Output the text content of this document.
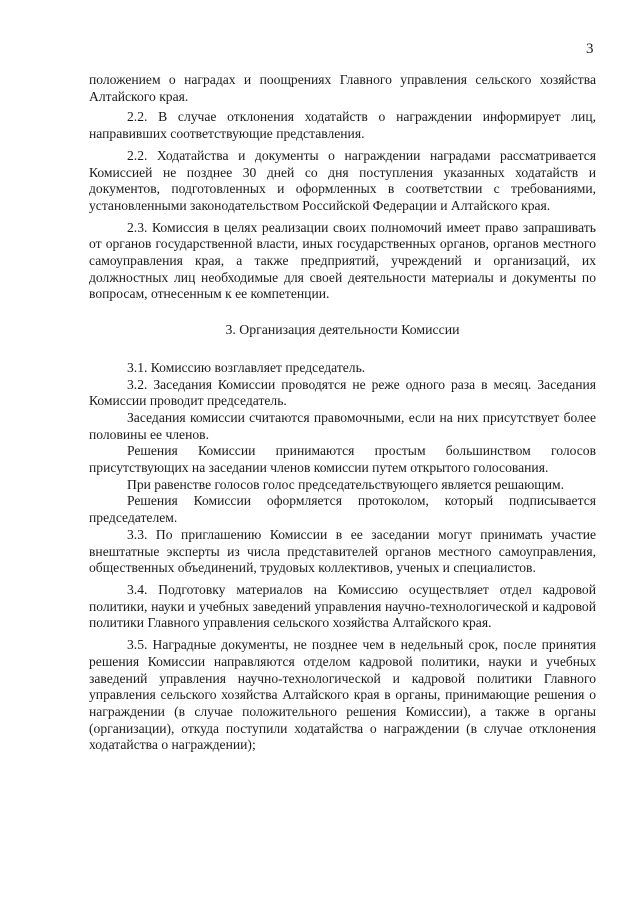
3

положением о наградах и поощрениях Главного управления сельского хозяйства Алтайского края.

2.2. В случае отклонения ходатайств о награждении информирует лиц, направивших соответствующие представления.

2.2. Ходатайства и документы о награждении наградами рассматривается Комиссией не позднее 30 дней со дня поступления указанных ходатайств и документов, подготовленных и оформленных в соответствии с требованиями, установленными законодательством Российской Федерации и Алтайского края.

2.3. Комиссия в целях реализации своих полномочий имеет право запрашивать от органов государственной власти, иных государственных органов, органов местного самоуправления края, а также предприятий, учреждений и организаций, их должностных лиц необходимые для своей деятельности материалы и документы по вопросам, отнесенным к ее компетенции.

3. Организация деятельности Комиссии

3.1. Комиссию возглавляет председатель.

3.2. Заседания Комиссии проводятся не реже одного раза в месяц. Заседания Комиссии проводит председатель.

Заседания комиссии считаются правомочными, если на них присутствует более половины ее членов.

Решения Комиссии принимаются простым большинством голосов присутствующих на заседании членов комиссии путем открытого голосования.

При равенстве голосов голос председательствующего является решающим.

Решения Комиссии оформляется протоколом, который подписывается председателем.

3.3. По приглашению Комиссии в ее заседании могут принимать участие внештатные эксперты из числа представителей органов местного самоуправления, общественных объединений, трудовых коллективов, ученых и специалистов.

3.4. Подготовку материалов на Комиссию осуществляет отдел кадровой политики, науки и учебных заведений управления научно-технологической и кадровой политики Главного управления сельского хозяйства Алтайского края.

3.5. Наградные документы, не позднее чем в недельный срок, после принятия решения Комиссии направляются отделом кадровой политики, науки и учебных заведений управления научно-технологической и кадровой политики Главного управления сельского хозяйства Алтайского края в органы, принимающие решения о награждении (в случае положительного решения Комиссии), а также в органы (организации), откуда поступили ходатайства о награждении (в случае отклонения ходатайства о награждении);
